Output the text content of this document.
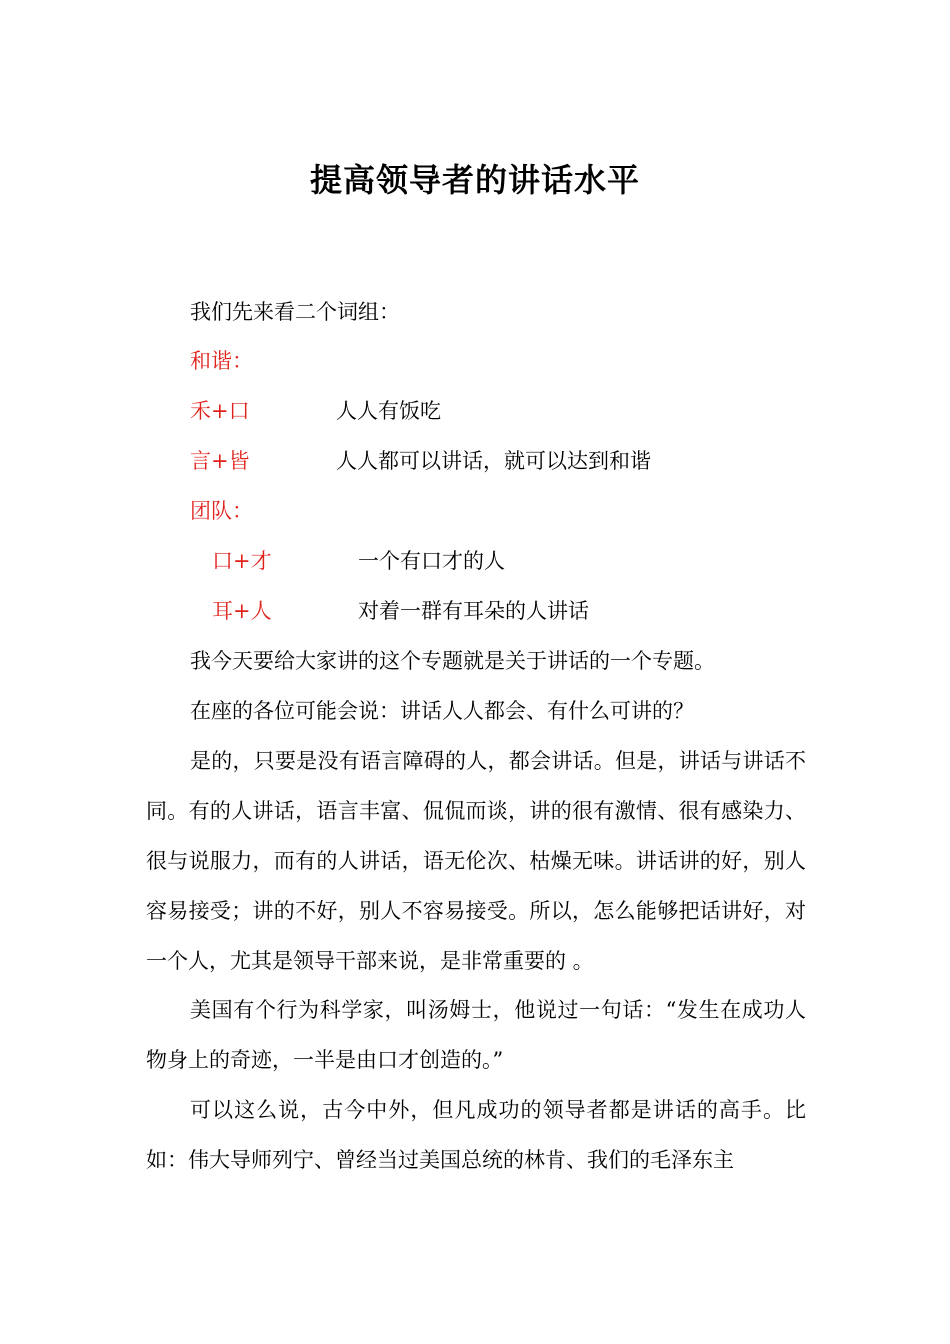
提高领导者的讲话水平
我们先来看二个词组：
和谐：
禾+口	人人有饭吃
言+皆	人人都可以讲话，就可以达到和谐
团队：
口+才	一个有口才的人
耳+人	对着一群有耳朵的人讲话

我今天要给大家讲的这个专题就是关于讲话的一个专题。

在座的各位可能会说：讲话人人都会、有什么可讲的？

是的，只要是没有语言障碍的人，都会讲话。但是，讲话与讲话不同。有的人讲话，语言丰富、侃侃而谈，讲的很有激情、很有感染力、很与说服力，而有的人讲话，语无伦次、枯燥无味。讲话讲的好，别人容易接受；讲的不好，别人不容易接受。所以，怎么能够把话讲好，对一个人，尤其是领导干部来说，是非常重要的 。

美国有个行为科学家，叫汤姆士，他说过一句话：“发生在成功人物身上的奇迹，一半是由口才创造的。”

可以这么说，古今中外，但凡成功的领导者都是讲话的高手。比如：伟大导师列宁、曾经当过美国总统的林肯、我们的毛泽东主
